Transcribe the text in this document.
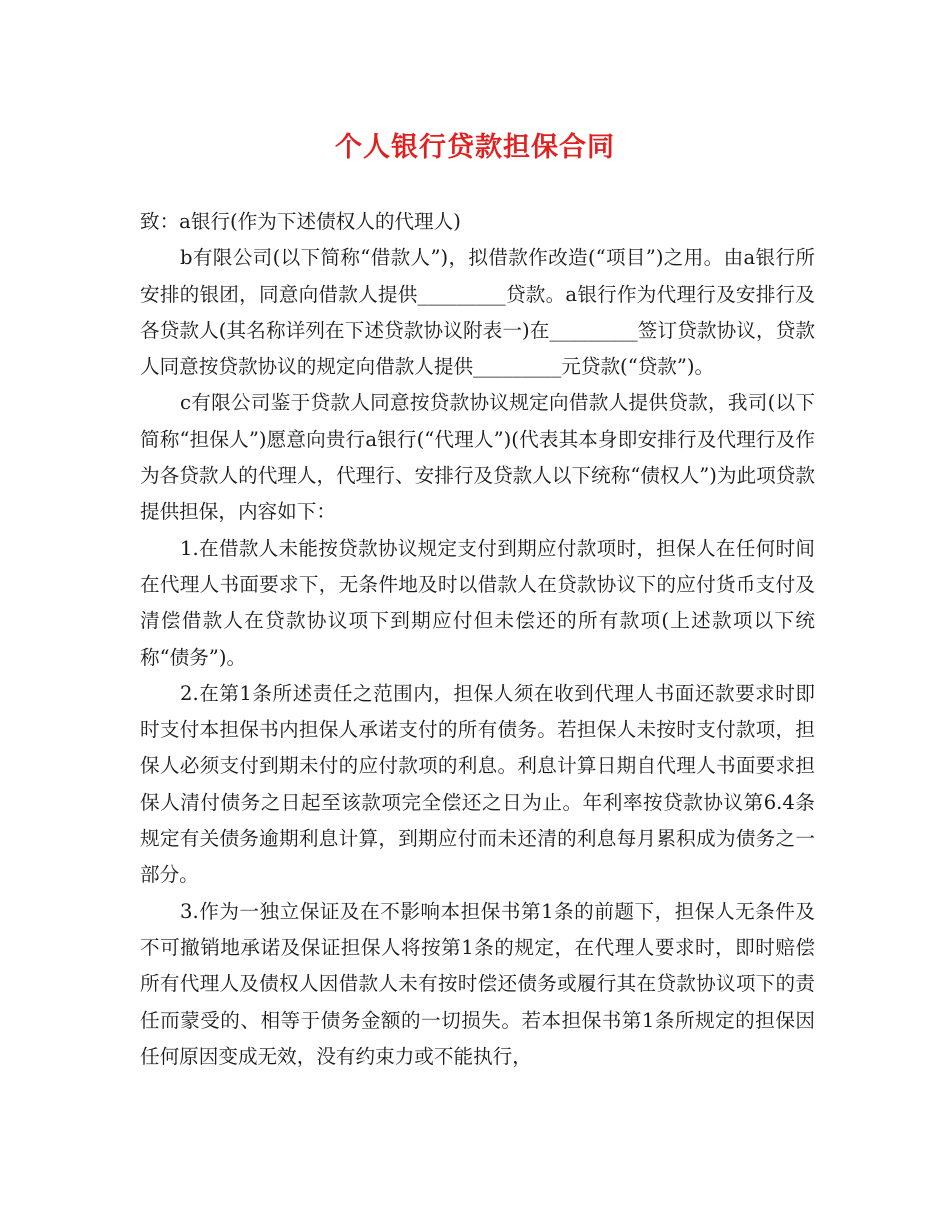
个人银行贷款担保合同

致：a银行(作为下述债权人的代理人)

b有限公司(以下简称“借款人”)，拟借款作改造(“项目”)之用。由a银行所安排的银团，同意向借款人提供_________贷款。a银行作为代理行及安排行及各贷款人(其名称详列在下述贷款协议附表一)在_________签订贷款协议，贷款人同意按贷款协议的规定向借款人提供_________元贷款(“贷款”)。

c有限公司鉴于贷款人同意按贷款协议规定向借款人提供贷款，我司(以下简称“担保人”)愿意向贵行a银行(“代理人”)(代表其本身即安排行及代理行及作为各贷款人的代理人，代理行、安排行及贷款人以下统称“债权人”)为此项贷款提供担保，内容如下：

1.在借款人未能按贷款协议规定支付到期应付款项时，担保人在任何时间在代理人书面要求下，无条件地及时以借款人在贷款协议下的应付货币支付及清偿借款人在贷款协议项下到期应付但未偿还的所有款项(上述款项以下统称“债务”)。

2.在第1条所述责任之范围内，担保人须在收到代理人书面还款要求时即时支付本担保书内担保人承诺支付的所有债务。若担保人未按时支付款项，担保人必须支付到期未付的应付款项的利息。利息计算日期自代理人书面要求担保人清付债务之日起至该款项完全偿还之日为止。年利率按贷款协议第6.4条规定有关债务逾期利息计算，到期应付而未还清的利息每月累积成为债务之一部分。

3.作为一独立保证及在不影响本担保书第1条的前题下，担保人无条件及不可撤销地承诺及保证担保人将按第1条的规定，在代理人要求时，即时赔偿所有代理人及债权人因借款人未有按时偿还债务或履行其在贷款协议项下的责任而蒙受的、相等于债务金额的一切损失。若本担保书第1条所规定的担保因任何原因变成无效，没有约束力或不能执行，
